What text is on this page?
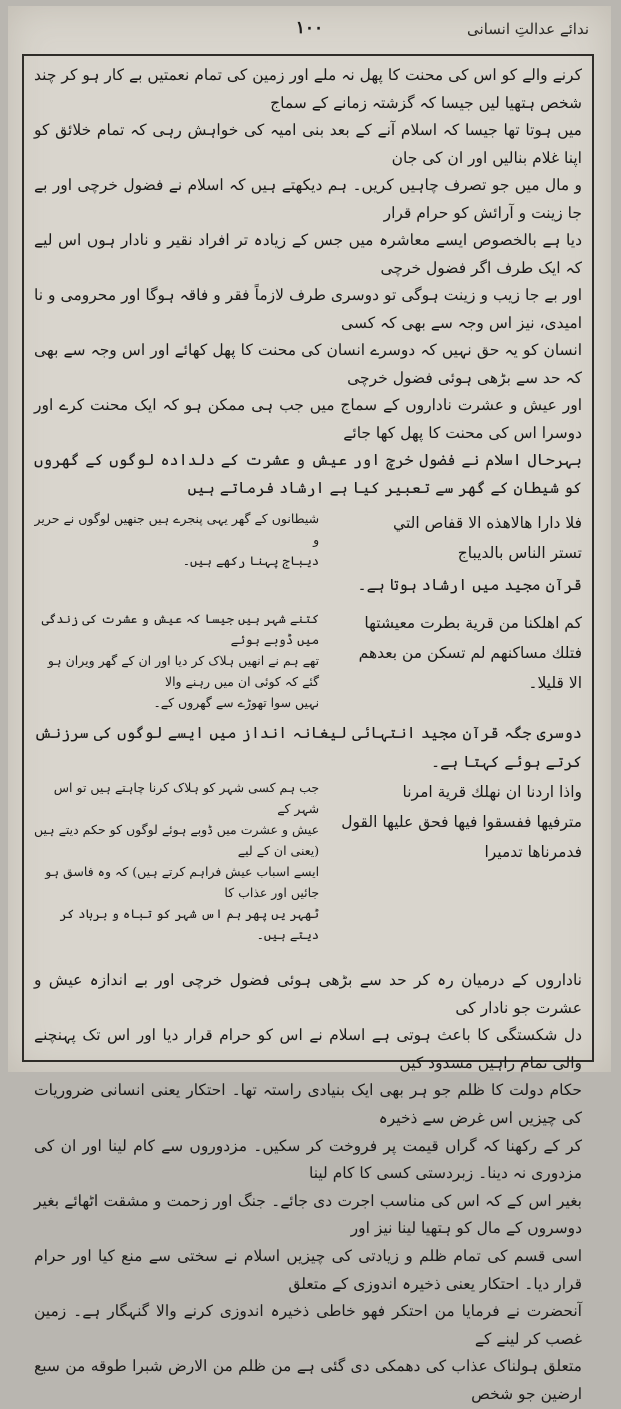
ندائے عدالتِ انسانی
۱۰۰

کرنے والے کو اس کی محنت کا پھل نہ ملے اور زمین کی تمام نعمتیں بے کار ہو کر چند شخص ہتھیا لیں جیسا کہ گزشتہ زمانے کے سماج

میں ہوتا تھا جیسا کہ اسلام آنے کے بعد بنی امیہ کی خواہش رہی کہ تمام خلائق کو اپنا غلام بنالیں اور ان کی جان

و مال میں جو تصرف چاہیں کریں۔ ہم دیکھتے ہیں کہ اسلام نے فضول خرچی اور بے جا زینت و آرائش کو حرام قرار

دیا ہے بالخصوص ایسے معاشرہ میں جس کے زیادہ تر افراد نقیر و نادار ہوں اس لیے کہ ایک طرف اگر فضول خرچی

اور بے جا زیب و زینت ہوگی تو دوسری طرف لازماً فقر و فاقہ ہوگا اور محرومی و نا امیدی، نیز اس وجہ سے بھی کہ کسی

انسان کو یہ حق نہیں کہ دوسرے انسان کی محنت کا پھل کھائے اور اس وجہ سے بھی کہ حد سے بڑھی ہوئی فضول خرچی

اور عیش و عشرت ناداروں کے سماج میں جب ہی ممکن ہو کہ ایک محنت کرے اور دوسرا اس کی محنت کا پھل کھا جائے

بہرحال اسلام نے فضول خرچ اور عیش و عشرت کے دلدادہ لوگوں کے گھروں کو شیطان کے گھر سے تعبیر کیا ہے ارشاد فرماتے ہیں

فلا دارا هالاهذه الا قفاص التي

تستر الناس بالديباج

شیطانوں کے گھر یہی پنجرے ہیں جنھیں لوگوں نے حریر و

دیباج پہنا رکھے ہیں۔

قرآن مجید میں ارشاد ہوتا ہے۔

كم اهلكنا من قرية بطرت معيشتها

فتلك مساكنهم لم تسكن من بعدهم

الا قليلا۔

کتنے شہر ہیں جیسا کہ عیش و عشرت کی زندگی میں ڈوبے ہوئے

تھے ہم نے انھیں ہلاک کر دیا اور ان کے گھر ویران ہو گئے کہ کوئی ان میں رہنے والا

نہیں سوا تھوڑے سے گھروں کے۔

دوسری جگہ قرآن مجید انتہائی لیغانہ انداز میں ایسے لوگوں کی سرزنش کرتے ہوئے کہتا ہے۔

واذا اردنا ان نهلك قرية امرنا

مترفيها ففسقوا فيها فحق عليها القول

فدمرناها تدميرا

جب ہم کسی شہر کو ہلاک کرنا چاہتے ہیں تو اس شہر کے

عیش و عشرت میں ڈوبے ہوئے لوگوں کو حکم دیتے ہیں (یعنی ان کے لیے

ایسے اسباب عیش فراہم کرتے ہیں) کہ وہ فاسق ہو جائیں اور عذاب کا

ٹھہر یں پھر ہم اس شہر کو تباہ و برباد کر دیتے ہیں۔

ناداروں کے درمیان رہ کر حد سے بڑھی ہوئی فضول خرچی اور بے اندازہ عیش و عشرت جو نادار کی

دل شکستگی کا باعث ہوتی ہے اسلام نے اس کو حرام قرار دیا اور اس تک پہنچنے والی تمام راہیں مسدود کیں

حکام دولت کا ظلم جو ہر بھی ایک بنیادی راستہ تھا۔ احتکار یعنی انسانی ضروریات کی چیزیں اس غرض سے ذخیرہ

کر کے رکھنا کہ گراں قیمت پر فروخت کر سکیں۔ مزدوروں سے کام لینا اور ان کی مزدوری نہ دینا۔ زبردستی کسی کا کام لینا

بغیر اس کے کہ اس کی مناسب اجرت دی جائے۔ جنگ اور زحمت و مشقت اٹھائے بغیر دوسروں کے مال کو ہتھیا لینا نیز اور

اسی قسم کی تمام ظلم و زیادتی کی چیزیں اسلام نے سختی سے منع کیا اور حرام قرار دیا۔ احتکار یعنی ذخیرہ اندوزی کے متعلق

آنحضرت نے فرمایا من احتکر فهو خاطی ذخیرہ اندوزی کرنے والا گنہگار ہے۔ زمین غصب کر لینے کے

متعلق ہولناک عذاب کی دھمکی دی گئی ہے من ظلم من الارض شبرا طوقه من سبع ارضين جو شخص
